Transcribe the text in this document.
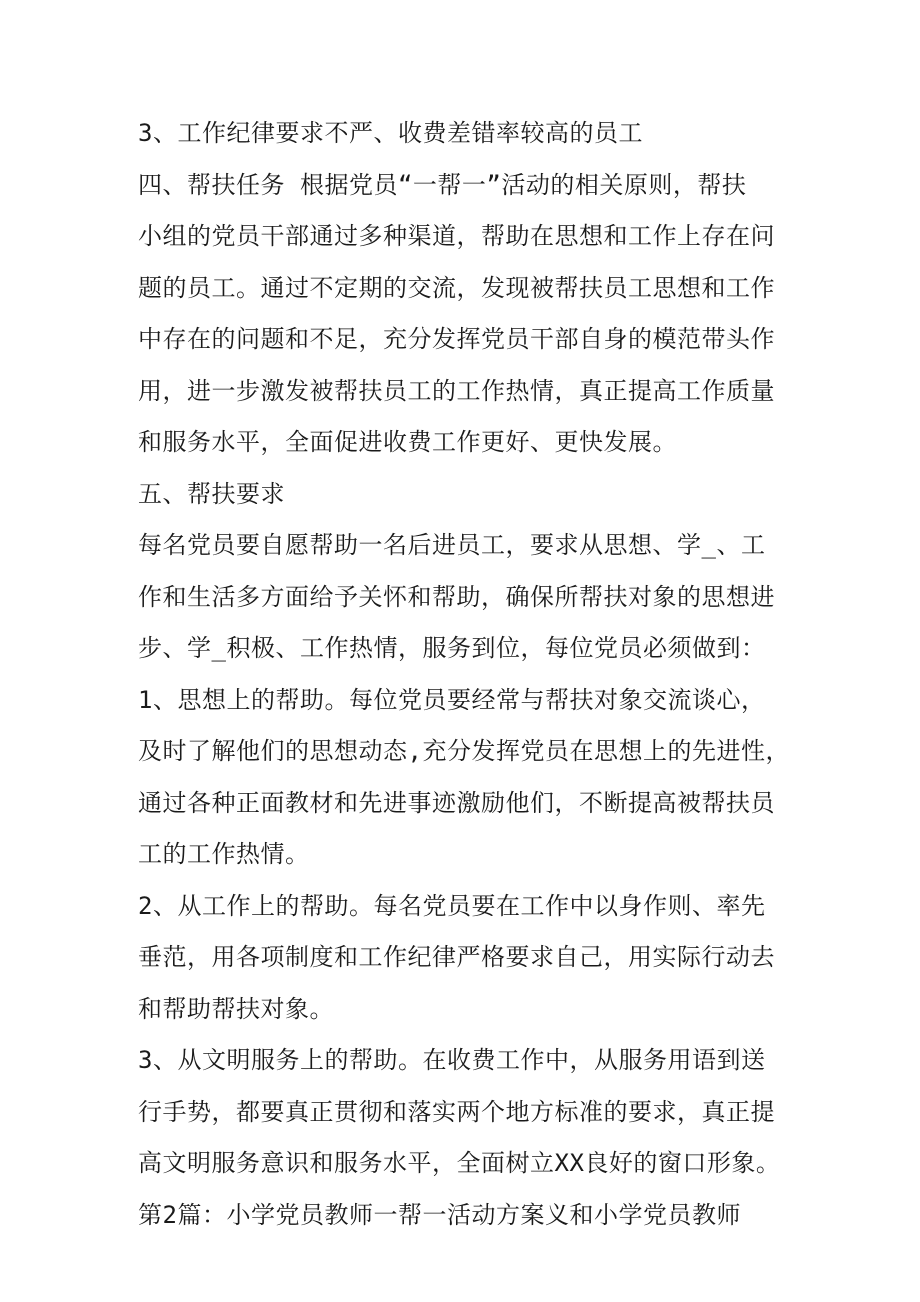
3、工作纪律要求不严、收费差错率较高的员工
四、帮扶任务 根据党员“一帮一”活动的相关原则，帮扶
小组的党员干部通过多种渠道，帮助在思想和工作上存在问
题的员工。通过不定期的交流，发现被帮扶员工思想和工作
中存在的问题和不足，充分发挥党员干部自身的模范带头作
用，进一步激发被帮扶员工的工作热情，真正提高工作质量
和服务水平，全面促进收费工作更好、更快发展。
五、帮扶要求
每名党员要自愿帮助一名后进员工，要求从思想、学_、工
作和生活多方面给予关怀和帮助，确保所帮扶对象的思想进
步、学_积极、工作热情，服务到位，每位党员必须做到：
1、思想上的帮助。每位党员要经常与帮扶对象交流谈心，
及时了解他们的思想动态,充分发挥党员在思想上的先进性，
通过各种正面教材和先进事迹激励他们，不断提高被帮扶员
工的工作热情。
2、从工作上的帮助。每名党员要在工作中以身作则、率先
垂范，用各项制度和工作纪律严格要求自己，用实际行动去
和帮助帮扶对象。
3、从文明服务上的帮助。在收费工作中，从服务用语到送
行手势，都要真正贯彻和落实两个地方标准的要求，真正提
高文明服务意识和服务水平，全面树立XX良好的窗口形象。
第2篇：小学党员教师一帮一活动方案义和小学党员教师
